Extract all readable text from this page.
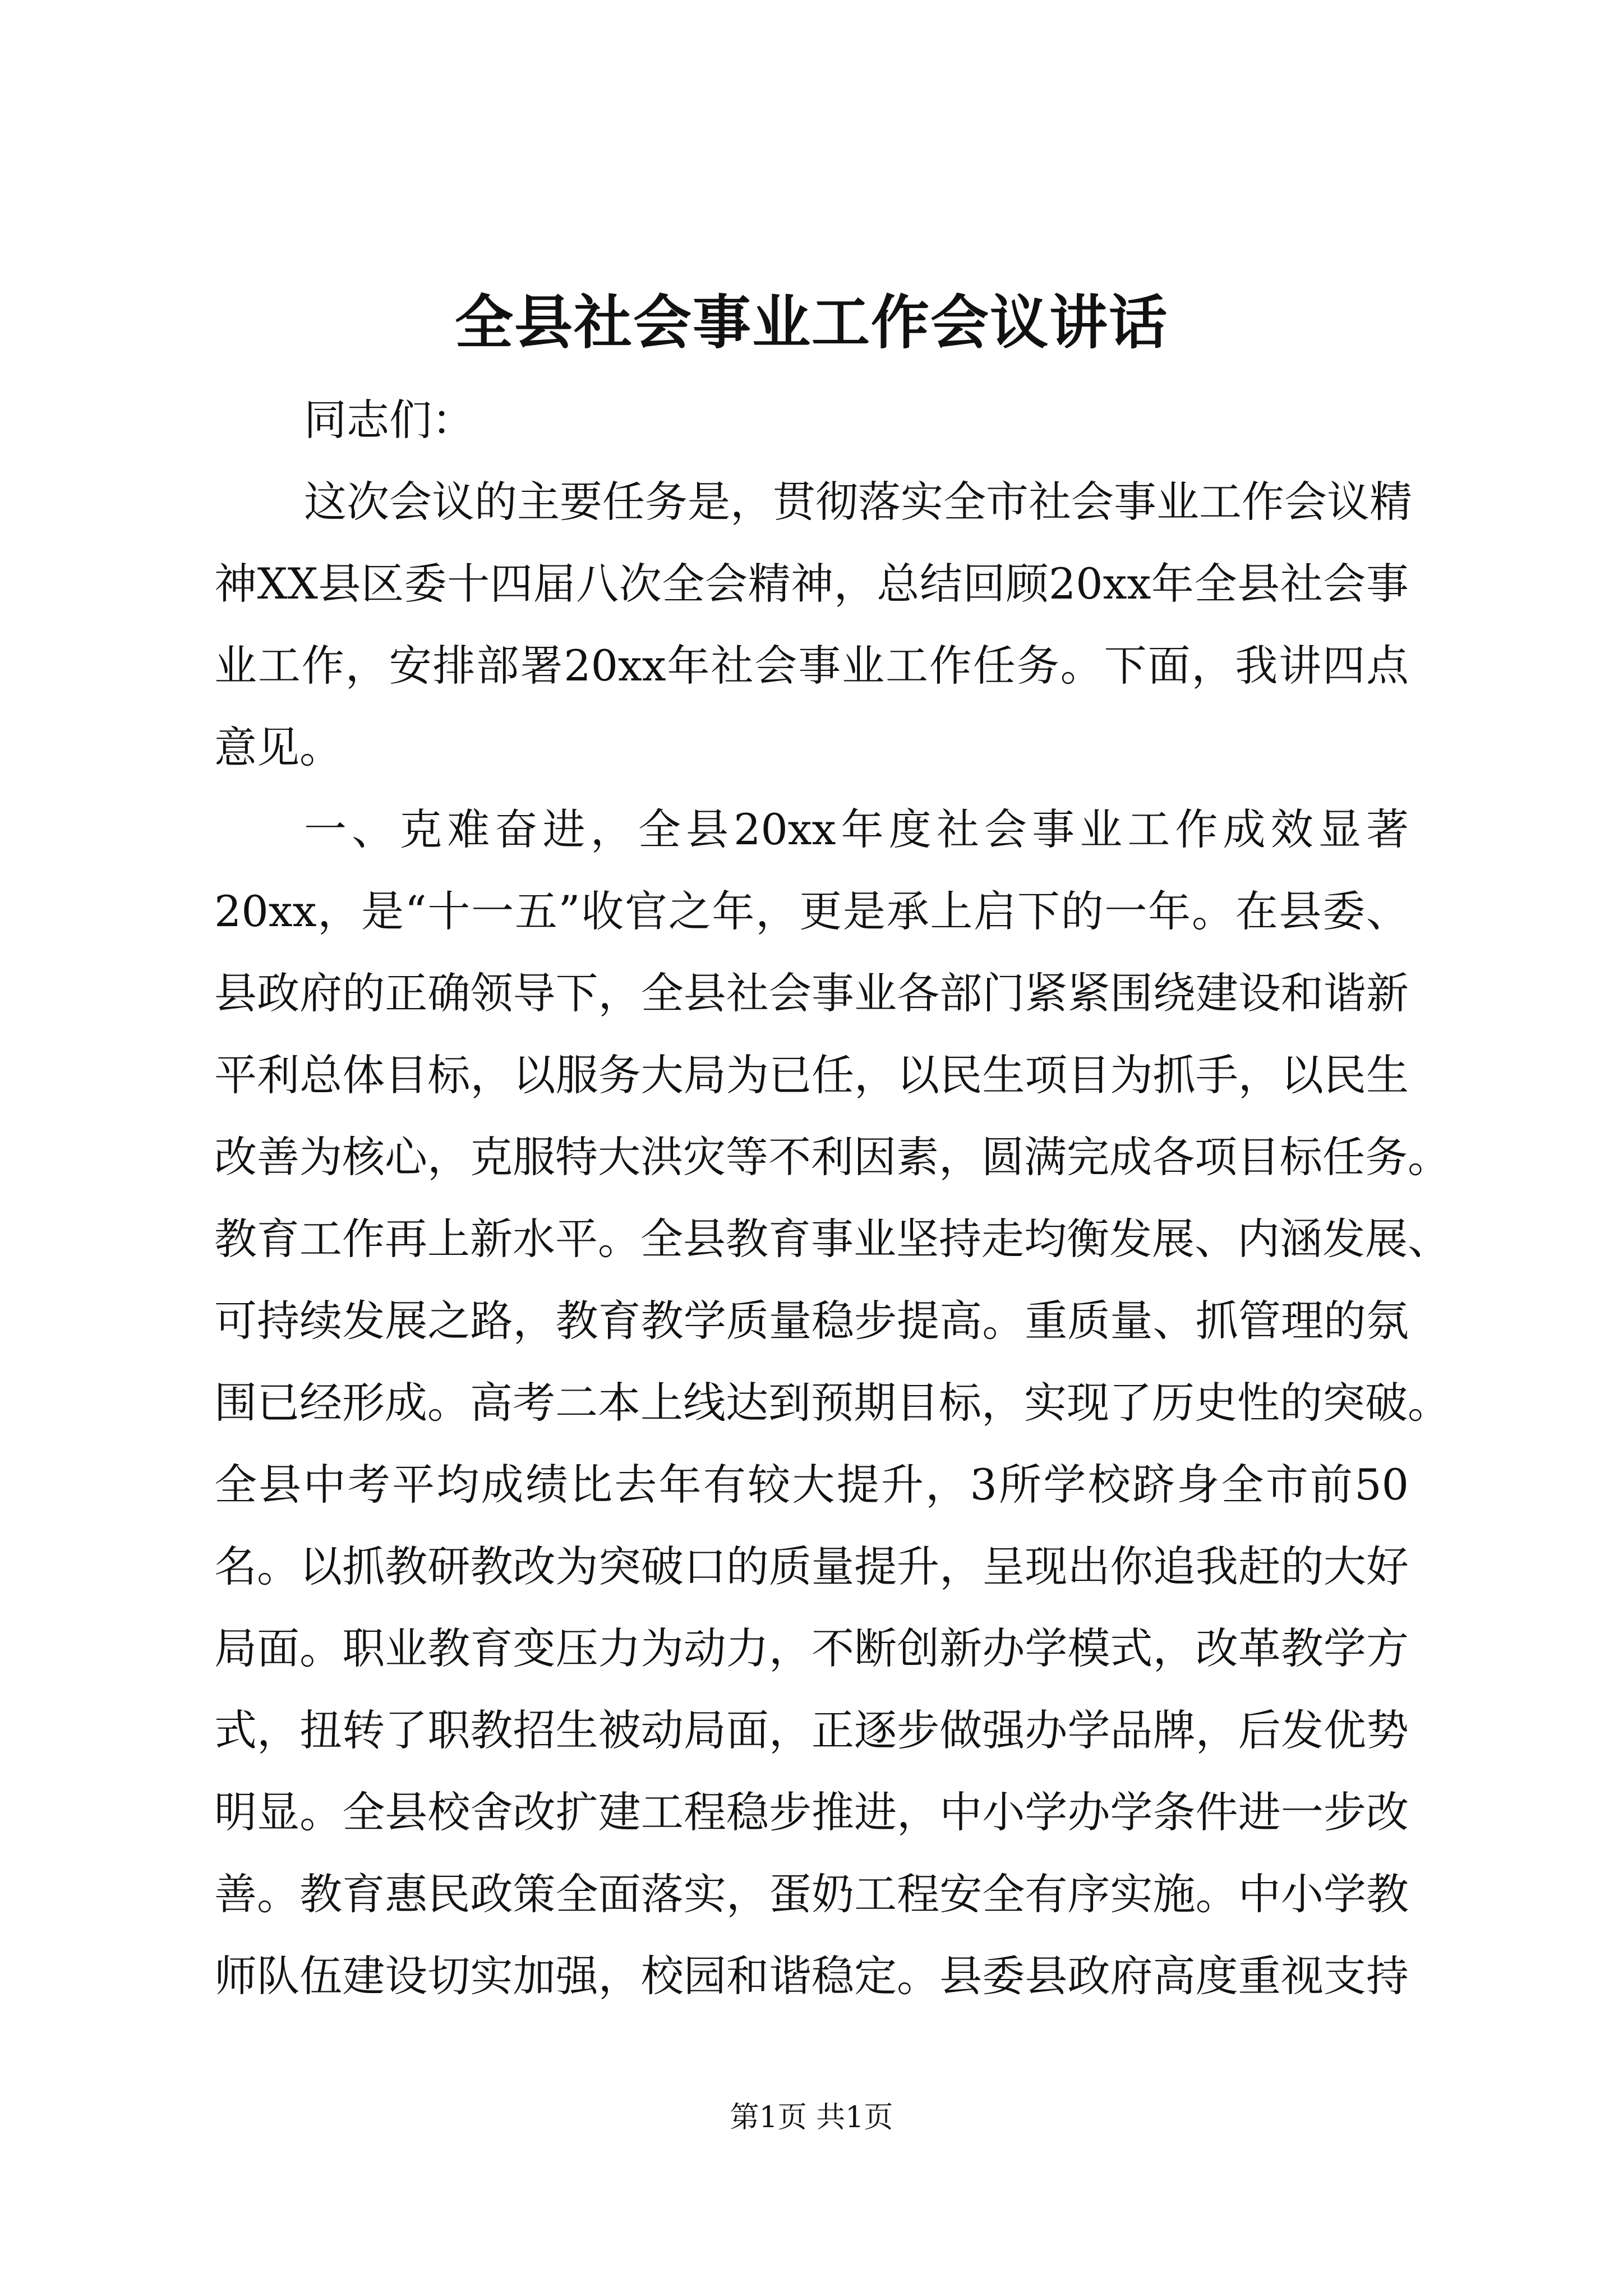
全县社会事业工作会议讲话
同志们：
这次会议的主要任务是，贯彻落实全市社会事业工作会议精
神XX县区委十四届八次全会精神，总结回顾20xx年全县社会事
业工作，安排部署20xx年社会事业工作任务。下面，我讲四点
意见。
一、克难奋进，全县20xx年度社会事业工作成效显著
20xx，是“十一五”收官之年，更是承上启下的一年。在县委、
县政府的正确领导下，全县社会事业各部门紧紧围绕建设和谐新
平利总体目标，以服务大局为已任，以民生项目为抓手，以民生
改善为核心，克服特大洪灾等不利因素，圆满完成各项目标任务。
教育工作再上新水平。全县教育事业坚持走均衡发展、内涵发展、
可持续发展之路，教育教学质量稳步提高。重质量、抓管理的氛
围已经形成。高考二本上线达到预期目标，实现了历史性的突破。
全县中考平均成绩比去年有较大提升，3所学校跻身全市前50
名。以抓教研教改为突破口的质量提升，呈现出你追我赶的大好
局面。职业教育变压力为动力，不断创新办学模式，改革教学方
式，扭转了职教招生被动局面，正逐步做强办学品牌，后发优势
明显。全县校舍改扩建工程稳步推进，中小学办学条件进一步改
善。教育惠民政策全面落实，蛋奶工程安全有序实施。中小学教
师队伍建设切实加强，校园和谐稳定。县委县政府高度重视支持
第1页 共1页
